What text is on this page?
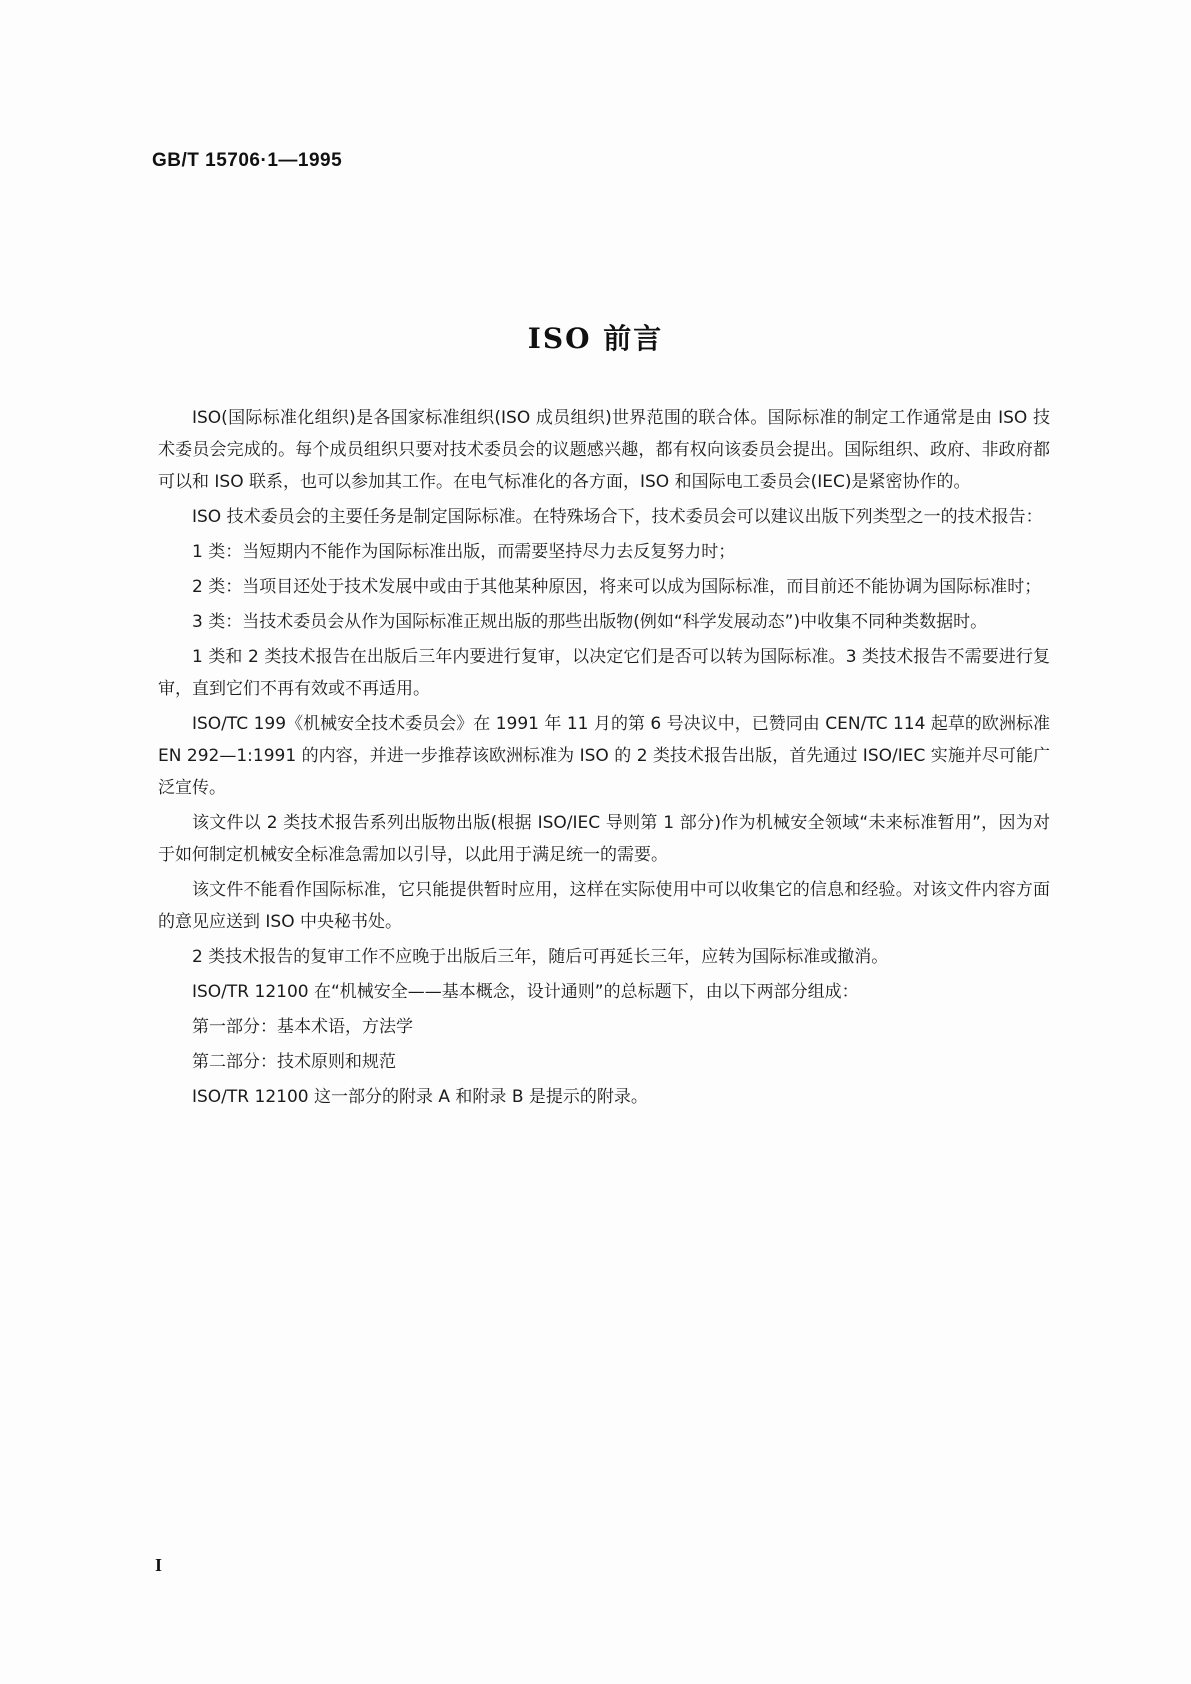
GB/T 15706·1—1995
ISO 前言

ISO(国际标准化组织)是各国家标准组织(ISO 成员组织)世界范围的联合体。国际标准的制定工作通常是由 ISO 技术委员会完成的。每个成员组织只要对技术委员会的议题感兴趣，都有权向该委员会提出。国际组织、政府、非政府都可以和 ISO 联系，也可以参加其工作。在电气标准化的各方面，ISO 和国际电工委员会(IEC)是紧密协作的。

ISO 技术委员会的主要任务是制定国际标准。在特殊场合下，技术委员会可以建议出版下列类型之一的技术报告：

1 类：当短期内不能作为国际标准出版，而需要坚持尽力去反复努力时；

2 类：当项目还处于技术发展中或由于其他某种原因，将来可以成为国际标准，而目前还不能协调为国际标准时；

3 类：当技术委员会从作为国际标准正规出版的那些出版物(例如“科学发展动态”)中收集不同种类数据时。

1 类和 2 类技术报告在出版后三年内要进行复审，以决定它们是否可以转为国际标准。3 类技术报告不需要进行复审，直到它们不再有效或不再适用。

ISO/TC 199《机械安全技术委员会》在 1991 年 11 月的第 6 号决议中，已赞同由 CEN/TC 114 起草的欧洲标准 EN 292—1:1991 的内容，并进一步推荐该欧洲标准为 ISO 的 2 类技术报告出版，首先通过 ISO/IEC 实施并尽可能广泛宣传。

该文件以 2 类技术报告系列出版物出版(根据 ISO/IEC 导则第 1 部分)作为机械安全领域“未来标准暂用”，因为对于如何制定机械安全标准急需加以引导，以此用于满足统一的需要。

该文件不能看作国际标准，它只能提供暂时应用，这样在实际使用中可以收集它的信息和经验。对该文件内容方面的意见应送到 ISO 中央秘书处。

2 类技术报告的复审工作不应晚于出版后三年，随后可再延长三年，应转为国际标准或撤消。

ISO/TR 12100 在“机械安全——基本概念，设计通则”的总标题下，由以下两部分组成：

第一部分：基本术语，方法学

第二部分：技术原则和规范

ISO/TR 12100 这一部分的附录 A 和附录 B 是提示的附录。

I
